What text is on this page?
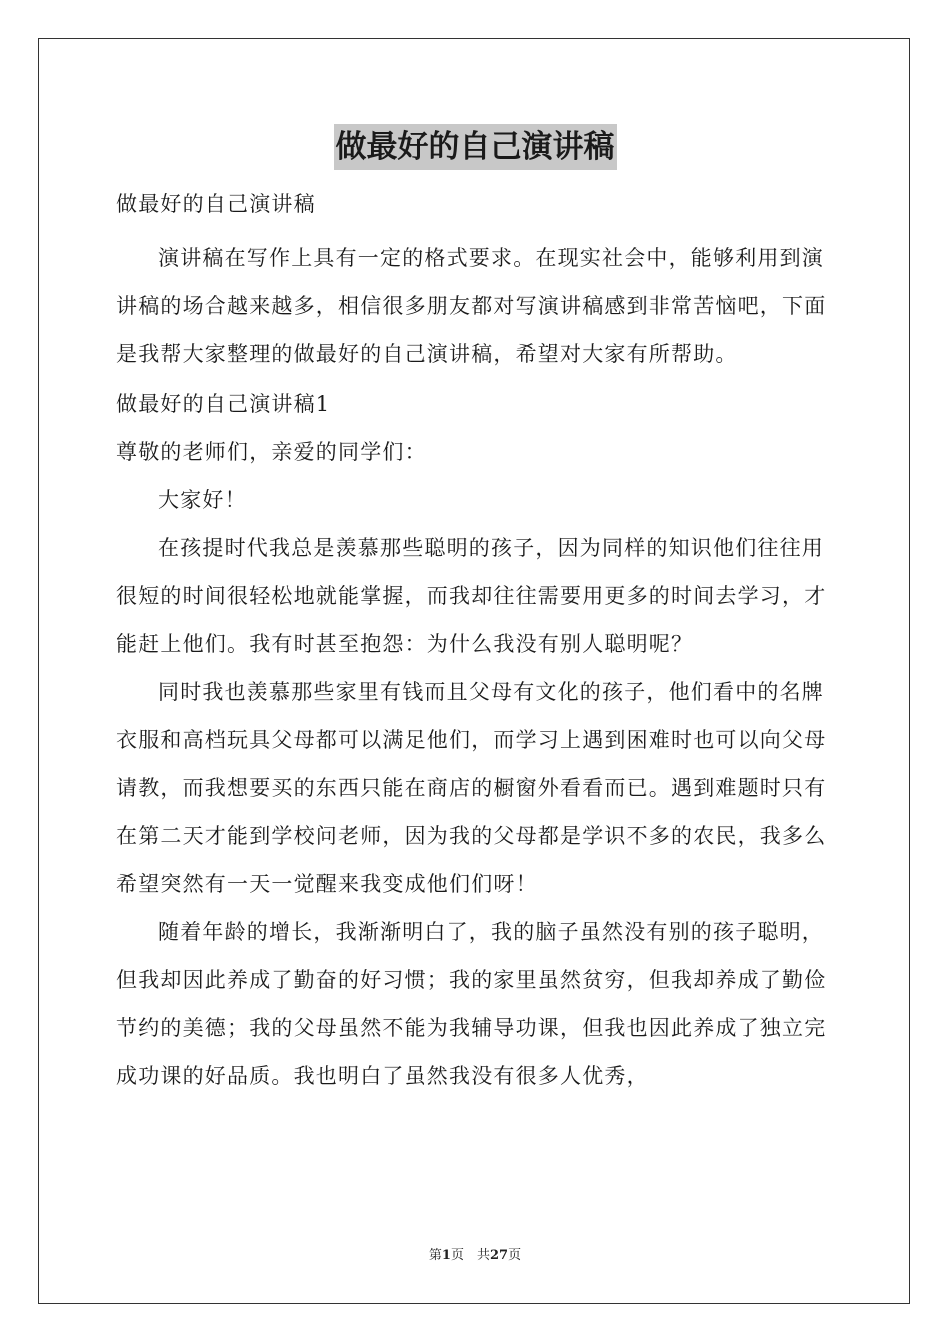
做最好的自己演讲稿

做最好的自己演讲稿

演讲稿在写作上具有一定的格式要求。在现实社会中，能够利用到演讲稿的场合越来越多，相信很多朋友都对写演讲稿感到非常苦恼吧，下面是我帮大家整理的做最好的自己演讲稿，希望对大家有所帮助。

做最好的自己演讲稿1

尊敬的老师们，亲爱的同学们：

大家好！

在孩提时代我总是羡慕那些聪明的孩子，因为同样的知识他们往往用很短的时间很轻松地就能掌握，而我却往往需要用更多的时间去学习，才能赶上他们。我有时甚至抱怨：为什么我没有别人聪明呢？

同时我也羡慕那些家里有钱而且父母有文化的孩子，他们看中的名牌衣服和高档玩具父母都可以满足他们，而学习上遇到困难时也可以向父母请教，而我想要买的东西只能在商店的橱窗外看看而已。遇到难题时只有在第二天才能到学校问老师，因为我的父母都是学识不多的农民，我多么希望突然有一天一觉醒来我变成他们们呀！

随着年龄的增长，我渐渐明白了，我的脑子虽然没有别的孩子聪明，但我却因此养成了勤奋的好习惯；我的家里虽然贫穷，但我却养成了勤俭节约的美德；我的父母虽然不能为我辅导功课，但我也因此养成了独立完成功课的好品质。我也明白了虽然我没有很多人优秀，

第1页　共27页
